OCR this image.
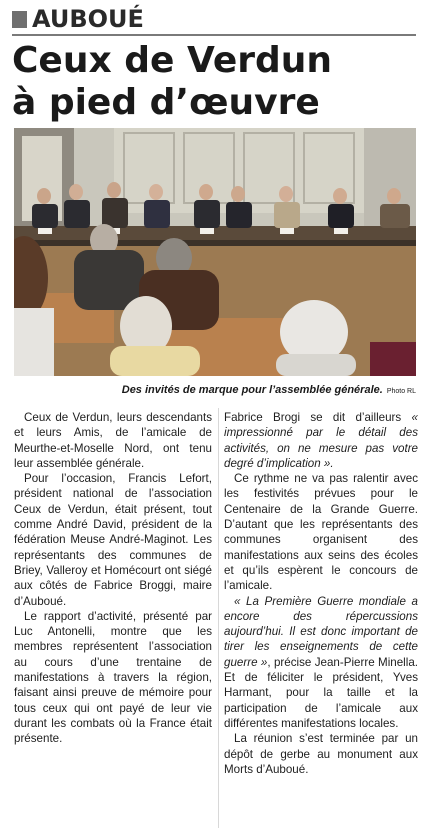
AUBOUÉ
Ceux de Verdun
à pied d’œuvre
Des invités de marque pour l’assemblée générale. Photo RL

Ceux de Verdun, leurs descendants et leurs Amis, de l’amicale de Meurthe-et-Moselle Nord, ont tenu leur assemblée générale.

Pour l’occasion, Francis Lefort, président national de l’association Ceux de Verdun, était présent, tout comme André David, président de la fédération Meuse André-Maginot. Les représentants des communes de Briey, Valleroy et Homécourt ont siégé aux côtés de Fabrice Broggi, maire d’Auboué.

Le rapport d’activité, présenté par Luc Antonelli, montre que les membres représentent l’association au cours d’une trentaine de manifestations à travers la région, faisant ainsi preuve de mémoire pour tous ceux qui ont payé de leur vie durant les combats où la France était présente.

Fabrice Brogi se dit d’ailleurs « impressionné par le détail des activités, on ne mesure pas votre degré d’implication ».

Ce rythme ne va pas ralentir avec les festivités prévues pour le Centenaire de la Grande Guerre. D’autant que les représentants des communes organisent des manifestations aux seins des écoles et qu’ils espèrent le concours de l’amicale.

« La Première Guerre mondiale a encore des répercussions aujourd’hui. Il est donc important de tirer les enseignements de cette guerre », précise Jean-Pierre Minella. Et de féliciter le président, Yves Harmant, pour la taille et la participation de l’amicale aux différentes manifestations locales.

La réunion s’est terminée par un dépôt de gerbe au monument aux Morts d’Auboué.
